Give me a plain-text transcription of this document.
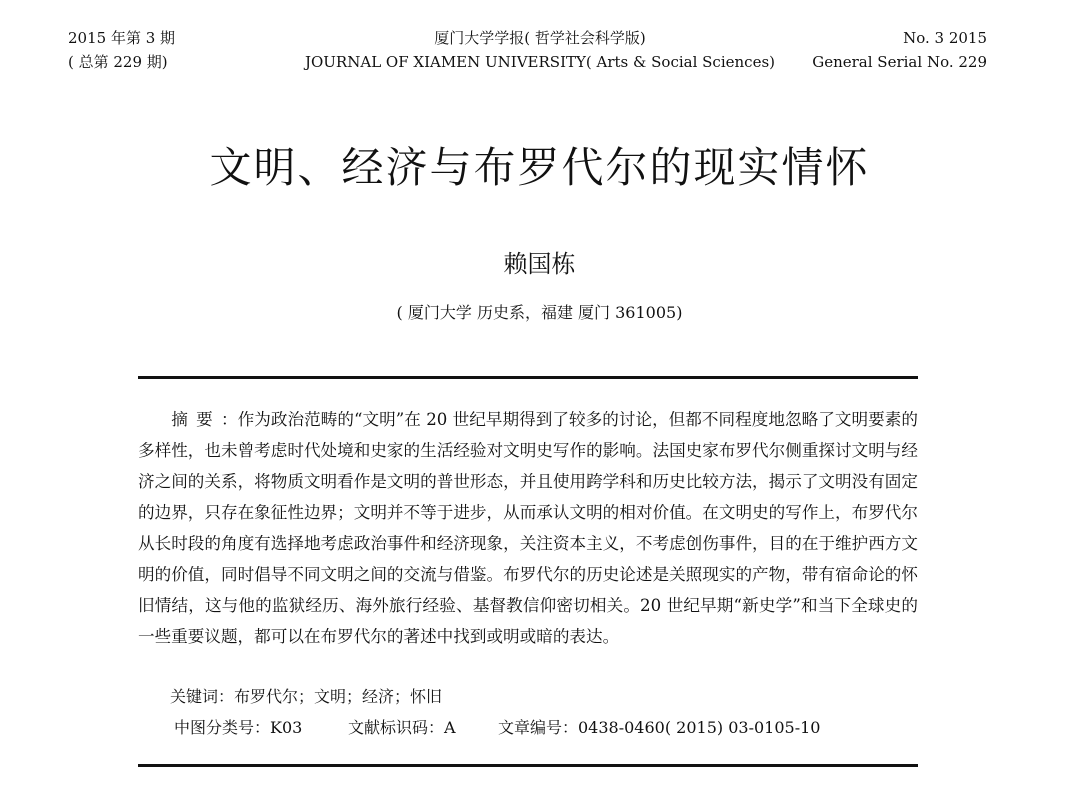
2015 年第 3 期
( 总第 229 期)
厦门大学学报( 哲学社会科学版)
JOURNAL OF XIAMEN UNIVERSITY( Arts & Social Sciences)
No. 3 2015
General Serial No. 229
文明、经济与布罗代尔的现实情怀
赖国栋
( 厦门大学 历史系，福建 厦门 361005)
摘要：作为政治范畴的“文明”在 20 世纪早期得到了较多的讨论，但都不同程度地忽略了文明要素的多样性，也未曾考虑时代处境和史家的生活经验对文明史写作的影响。法国史家布罗代尔侧重探讨文明与经济之间的关系，将物质文明看作是文明的普世形态，并且使用跨学科和历史比较方法，揭示了文明没有固定的边界，只存在象征性边界；文明并不等于进步，从而承认文明的相对价值。在文明史的写作上，布罗代尔从长时段的角度有选择地考虑政治事件和经济现象，关注资本主义，不考虑创伤事件，目的在于维护西方文明的价值，同时倡导不同文明之间的交流与借鉴。布罗代尔的历史论述是关照现实的产物，带有宿命论的怀旧情结，这与他的监狱经历、海外旅行经验、基督教信仰密切相关。20 世纪早期“新史学”和当下全球史的一些重要议题，都可以在布罗代尔的著述中找到或明或暗的表达。
关键词：布罗代尔；文明；经济；怀旧
中图分类号：K03	文献标识码：A	文章编号：0438-0460( 2015) 03-0105-10
